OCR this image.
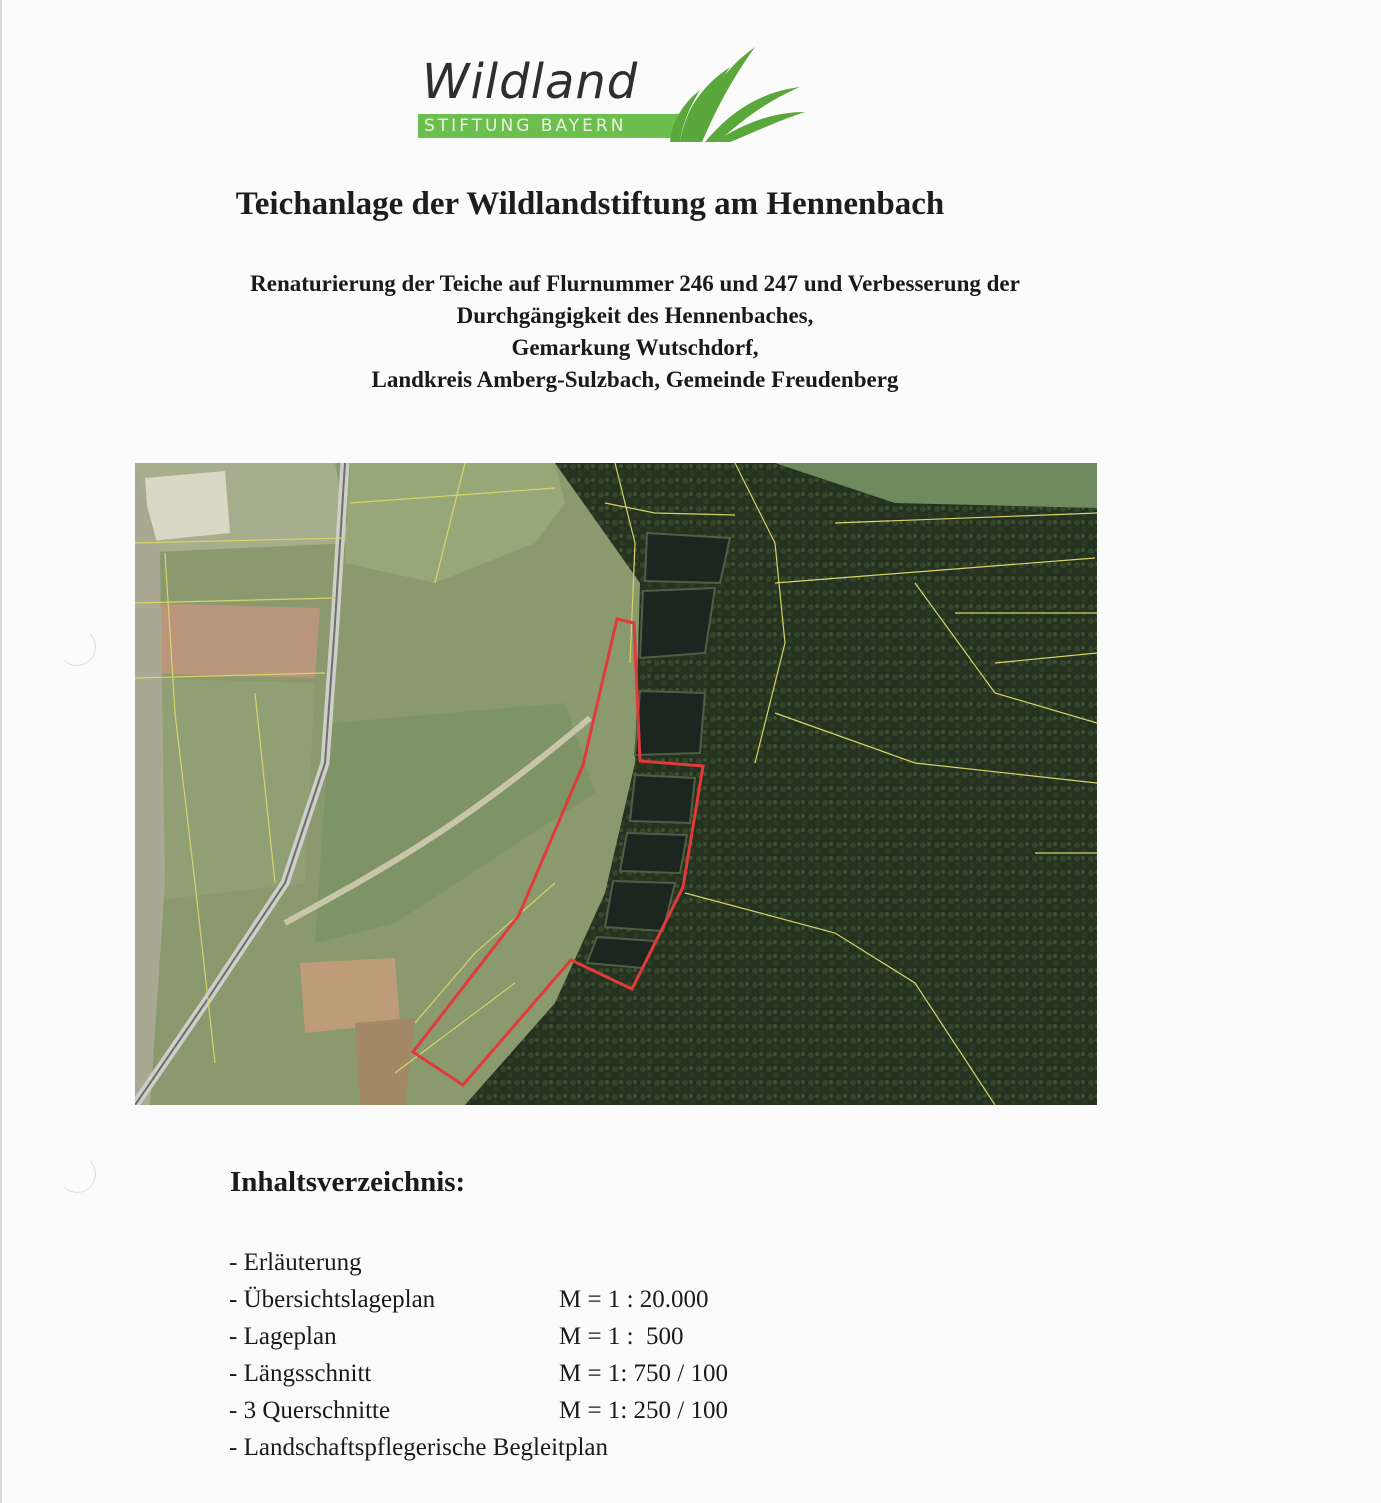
STIFTUNG BAYERN
Wildland
Teichanlage der Wildlandstiftung am Hennenbach
Renaturierung der Teiche auf Flurnummer 246 und 247 und Verbesserung der
Durchgängigkeit des Hennenbaches,
Gemarkung Wutschdorf,
Landkreis Amberg-Sulzbach, Gemeinde Freudenberg
Inhaltsverzeichnis:
- Erläuterung
- Übersichtslageplan	M = 1 : 20.000
- Lageplan	M = 1 :  500
- Längsschnitt	M = 1: 750 / 100
- 3 Querschnitte	M = 1: 250 / 100
- Landschaftspflegerische Begleitplan
